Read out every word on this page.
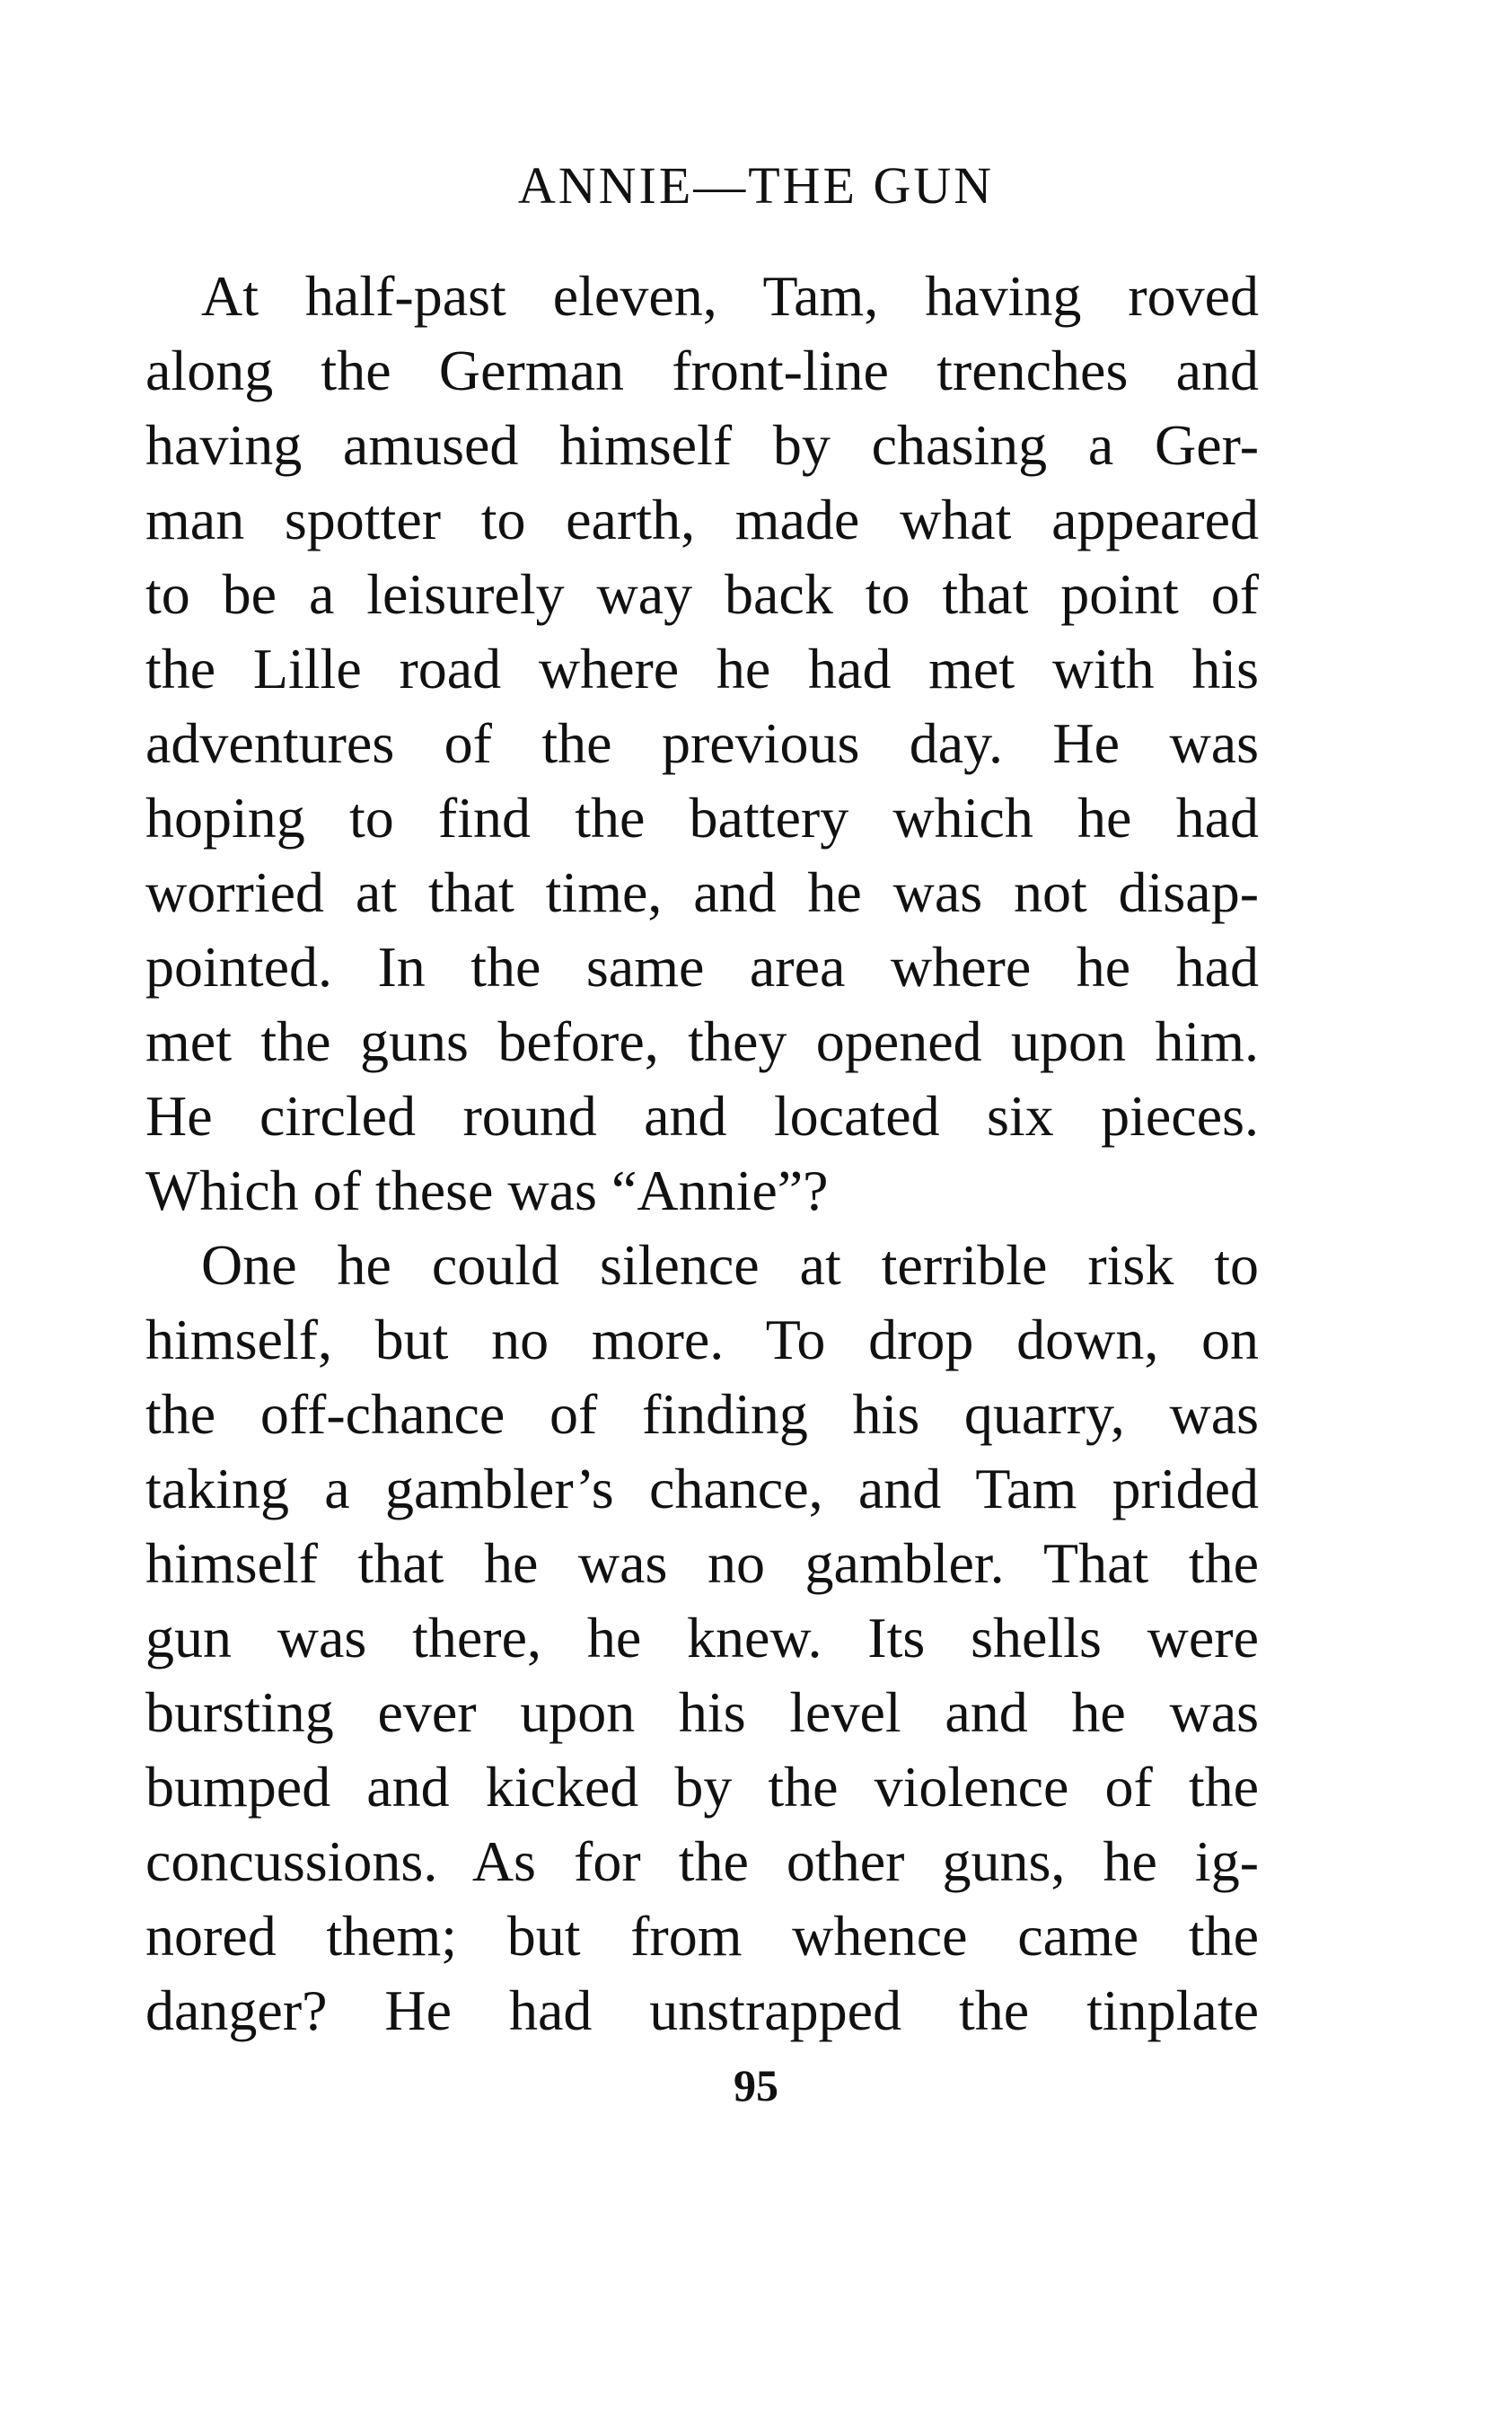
ANNIE—THE GUN
At half-past eleven, Tam, having roved
along the German front-line trenches and
having amused himself by chasing a Ger-
man spotter to earth, made what appeared
to be a leisurely way back to that point of
the Lille road where he had met with his
adventures of the previous day. He was
hoping to find the battery which he had
worried at that time, and he was not disap-
pointed. In the same area where he had
met the guns before, they opened upon him.
He circled round and located six pieces.
Which of these was “Annie”?
One he could silence at terrible risk to
himself, but no more. To drop down, on
the off-chance of finding his quarry, was
taking a gambler’s chance, and Tam prided
himself that he was no gambler. That the
gun was there, he knew. Its shells were
bursting ever upon his level and he was
bumped and kicked by the violence of the
concussions. As for the other guns, he ig-
nored them; but from whence came the
danger? He had unstrapped the tinplate
95
